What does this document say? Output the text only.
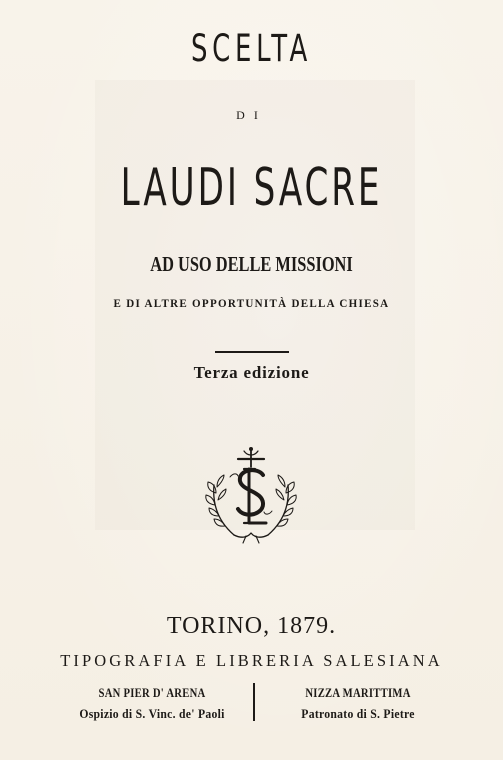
SCELTA
DI
LAUDI SACRE
AD USO DELLE MISSIONI
E DI ALTRE OPPORTUNITÀ DELLA CHIESA
Terza edizione
TORINO, 1879.
TIPOGRAFIA E LIBRERIA SALESIANA
SAN PIER D' ARENA
Ospizio di S. Vinc. de' Paoli
NIZZA MARITTIMA
Patronato di S. Pietre
